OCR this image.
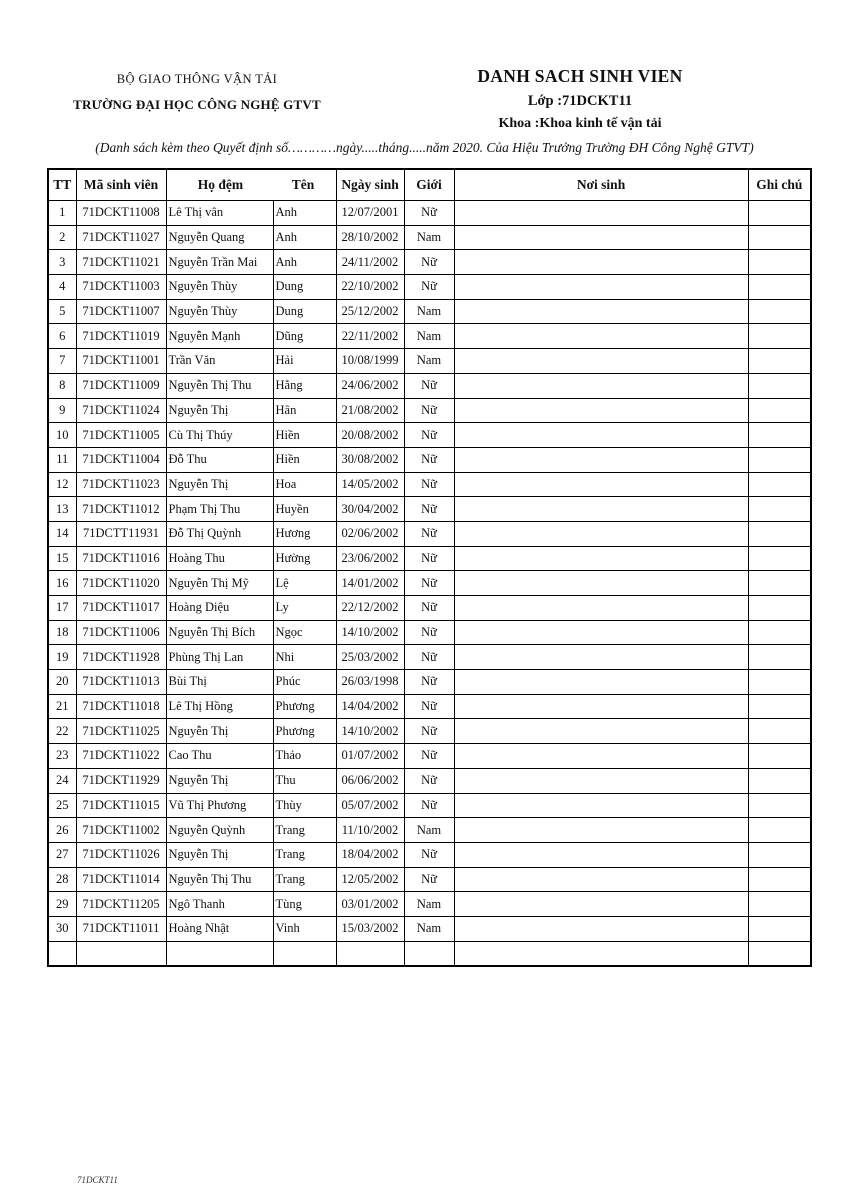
BỘ GIAO THÔNG VẬN TẢI
TRƯỜNG ĐẠI HỌC CÔNG NGHỆ GTVT
DANH SACH SINH VIEN
Lớp :71DCKT11
Khoa :Khoa kinh tế vận tải
(Danh sách kèm theo Quyết định số…………ngày.....tháng.....năm 2020. Của Hiệu Trưởng Trường ĐH Công Nghệ GTVT)
TT	Mã sinh viên	Họ đệm Tên		Ngày sinh	Giới	Nơi sinh	Ghi chú
1	71DCKT11008	Lê Thị vân	Anh	12/07/2001	Nữ		
2	71DCKT11027	Nguyễn Quang	Anh	28/10/2002	Nam		
3	71DCKT11021	Nguyễn Trần Mai	Anh	24/11/2002	Nữ		
4	71DCKT11003	Nguyễn Thùy	Dung	22/10/2002	Nữ		
5	71DCKT11007	Nguyễn Thùy	Dung	25/12/2002	Nam		
6	71DCKT11019	Nguyễn Mạnh	Dũng	22/11/2002	Nam		
7	71DCKT11001	Trần Văn	Hải	10/08/1999	Nam		
8	71DCKT11009	Nguyễn Thị Thu	Hằng	24/06/2002	Nữ		
9	71DCKT11024	Nguyễn Thị	Hân	21/08/2002	Nữ		
10	71DCKT11005	Cù Thị Thúy	Hiền	20/08/2002	Nữ		
11	71DCKT11004	Đỗ Thu	Hiền	30/08/2002	Nữ		
12	71DCKT11023	Nguyễn Thị	Hoa	14/05/2002	Nữ		
13	71DCKT11012	Phạm Thị Thu	Huyền	30/04/2002	Nữ		
14	71DCTT11931	Đỗ Thị Quỳnh	Hương	02/06/2002	Nữ		
15	71DCKT11016	Hoàng Thu	Hường	23/06/2002	Nữ		
16	71DCKT11020	Nguyễn Thị Mỹ	Lệ	14/01/2002	Nữ		
17	71DCKT11017	Hoàng Diệu	Ly	22/12/2002	Nữ		
18	71DCKT11006	Nguyễn Thị Bích	Ngọc	14/10/2002	Nữ		
19	71DCKT11928	Phùng Thị Lan	Nhi	25/03/2002	Nữ		
20	71DCKT11013	Bùi Thị	Phúc	26/03/1998	Nữ		
21	71DCKT11018	Lê Thị Hồng	Phương	14/04/2002	Nữ		
22	71DCKT11025	Nguyễn Thị	Phương	14/10/2002	Nữ		
23	71DCKT11022	Cao Thu	Thảo	01/07/2002	Nữ		
24	71DCKT11929	Nguyễn Thị	Thu	06/06/2002	Nữ		
25	71DCKT11015	Vũ Thị Phương	Thùy	05/07/2002	Nữ		
26	71DCKT11002	Nguyễn Quỳnh	Trang	11/10/2002	Nam		
27	71DCKT11026	Nguyễn Thị	Trang	18/04/2002	Nữ		
28	71DCKT11014	Nguyễn Thị Thu	Trang	12/05/2002	Nữ		
29	71DCKT11205	Ngô Thanh	Tùng	03/01/2002	Nam		
30	71DCKT11011	Hoàng Nhật	Vinh	15/03/2002	Nam		

71DCKT11
